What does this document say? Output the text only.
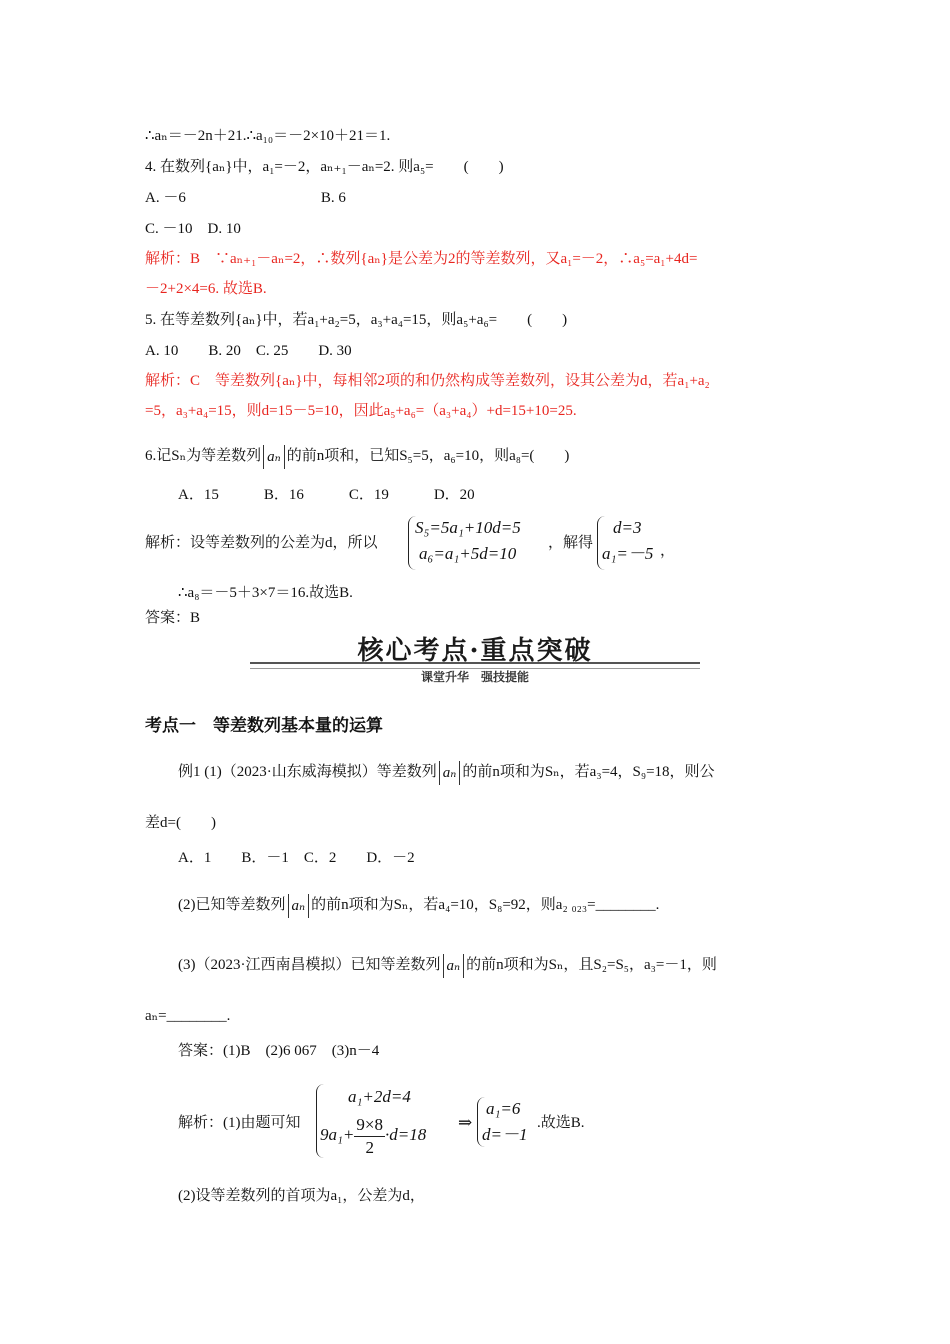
∴aₙ＝－2n＋21.∴a₁₀＝－2×10＋21＝1.
4. 在数列{aₙ}中，a₁=－2，aₙ₊₁－aₙ=2. 则a₅=　　(　　)
A. －6　　　　　　　　　B. 6
C. －10　D. 10
解析：B　∵aₙ₊₁－aₙ=2，∴数列{aₙ}是公差为2的等差数列，又a₁=－2，∴a₅=a₁+4d=
－2+2×4=6. 故选B.
5. 在等差数列{aₙ}中，若a₁+a₂=5，a₃+a₄=15，则a₅+a₆=　　(　　)
A. 10　　B. 20　C. 25　　D. 30
解析：C　等差数列{aₙ}中，每相邻2项的和仍然构成等差数列，设其公差为d，若a₁+a₂
=5，a₃+a₄=15，则d=15－5=10，因此a₅+a₆=（a₃+a₄）+d=15+10=25.
6.记Sₙ为等差数列 aₙ 的前n项和，已知S₅=5，a₆=10，则a₈=(　　)
A．15　　　B．16　　　C．19　　　D．20
解析：设等差数列的公差为d，所以
S₅=5a₁+10d=5
a₆=a₁+5d=10
，解得
d=3
a₁=－5 ，
∴a₈＝－5＋3×7＝16.故选B.
答案：B
核心考点·重点突破
课堂升华　强技提能
考点一　等差数列基本量的运算
例1 (1)（2023·山东威海模拟）等差数列 aₙ 的前n项和为Sₙ，若a₃=4，S₉=18，则公
差d=(　　)
A．1　　B．－1　C．2　　D．－2
(2)已知等差数列 aₙ 的前n项和为Sₙ，若a₄=10，S₈=92，则a₂ ₀₂₃=________.
(3)（2023·江西南昌模拟）已知等差数列 aₙ 的前n项和为Sₙ，且S₂=S₅，a₃=－1，则
aₙ=________.
答案：(1)B　(2)6 067　(3)n－4
解析：(1)由题可知
a₁+2d=4
$9a_1+ \frac{9\times 8}{2} \cdot d=18$
⇒
a₁=6
d=－1
.故选B.
(2)设等差数列的首项为a₁，公差为d，
